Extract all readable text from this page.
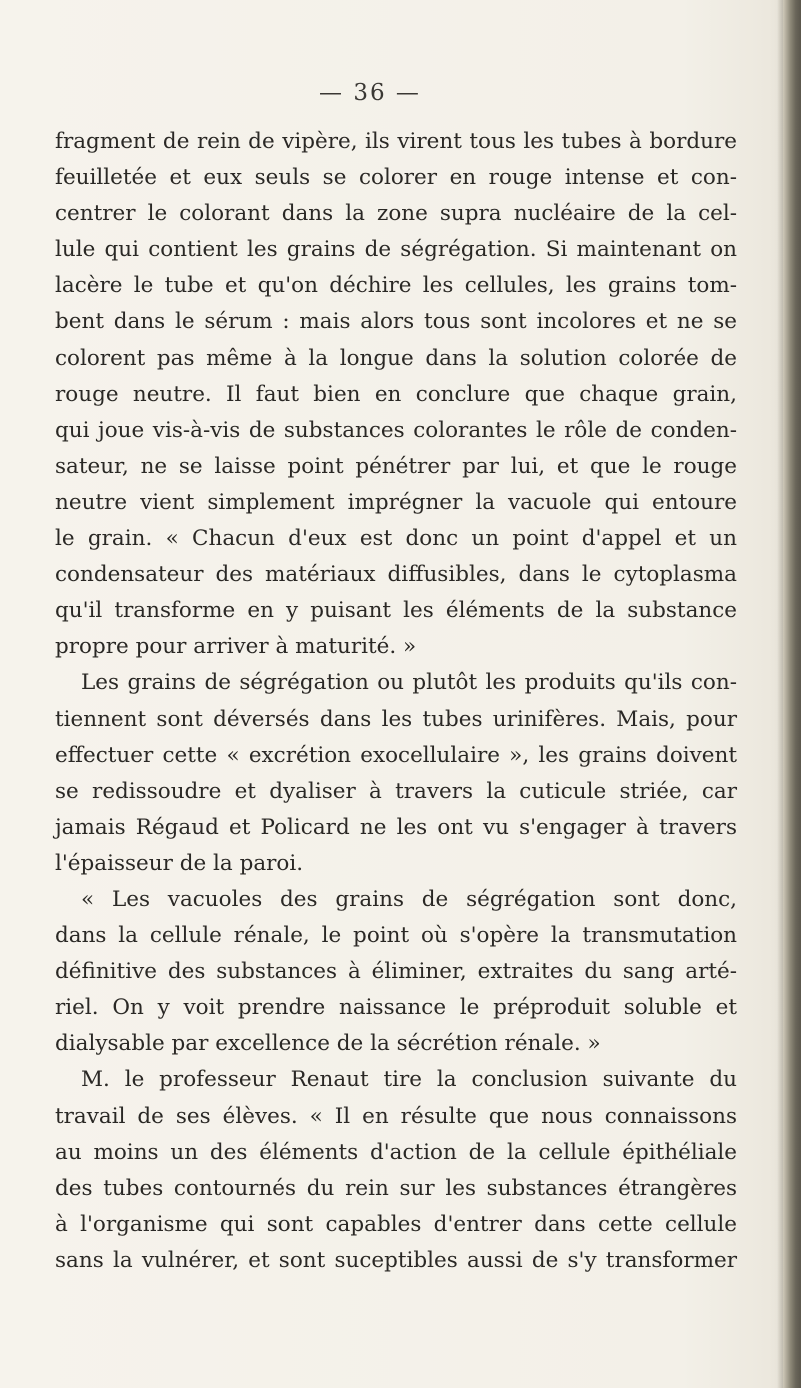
— 36 —
fragment de rein de vipère, ils virent tous les tubes à bordure
feuilletée et eux seuls se colorer en rouge intense et con-
centrer le colorant dans la zone supra nucléaire de la cel-
lule qui contient les grains de ségrégation. Si maintenant on
lacère le tube et qu'on déchire les cellules, les grains tom-
bent dans le sérum : mais alors tous sont incolores et ne se
colorent pas même à la longue dans la solution colorée de
rouge neutre. Il faut bien en conclure que chaque grain,
qui joue vis-à-vis de substances colorantes le rôle de conden-
sateur, ne se laisse point pénétrer par lui, et que le rouge
neutre vient simplement imprégner la vacuole qui entoure
le grain. « Chacun d'eux est donc un point d'appel et un
condensateur des matériaux diffusibles, dans le cytoplasma
qu'il transforme en y puisant les éléments de la substance
propre pour arriver à maturité. »
Les grains de ségrégation ou plutôt les produits qu'ils con-
tiennent sont déversés dans les tubes urinifères. Mais, pour
effectuer cette « excrétion exocellulaire », les grains doivent
se redissoudre et dyaliser à travers la cuticule striée, car
jamais Régaud et Policard ne les ont vu s'engager à travers
l'épaisseur de la paroi.
« Les vacuoles des grains de ségrégation sont donc,
dans la cellule rénale, le point où s'opère la transmutation
définitive des substances à éliminer, extraites du sang arté-
riel. On y voit prendre naissance le préproduit soluble et
dialysable par excellence de la sécrétion rénale. »
M. le professeur Renaut tire la conclusion suivante du
travail de ses élèves. « Il en résulte que nous connaissons
au moins un des éléments d'action de la cellule épithéliale
des tubes contournés du rein sur les substances étrangères
à l'organisme qui sont capables d'entrer dans cette cellule
sans la vulnérer, et sont suceptibles aussi de s'y transformer
